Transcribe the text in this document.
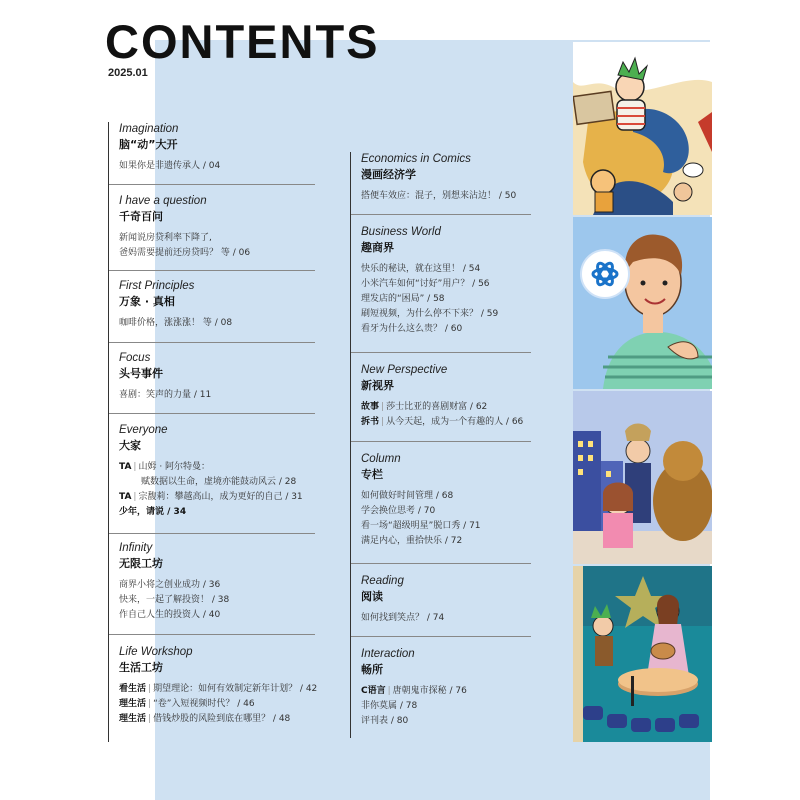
CONTENTS
2025.01
Imagination
脑“动”大开
如果你是非遗传承人 / 04
I have a question
千奇百问
新闻说房贷利率下降了,
爸妈需要提前还房贷吗？ 等 / 06
First Principles
万象 · 真相
咖啡价格，涨涨涨！ 等 / 08
Focus
头号事件
喜剧：笑声的力量 / 11
Everyone
大家
TA | 山姆 · 阿尔特曼：
赋数据以生命，虚境亦能鼓动风云 / 28
TA | 宗馥莉：攀越高山，成为更好的自己 / 31
少年，请说 / 34
Infinity
无限工坊
商界小将之创业成功 / 36
快来，一起了解投资！ / 38
作自己人生的投资人 / 40
Life Workshop
生活工坊
看生活 | 期望理论：如何有效制定新年计划？ / 42
理生活 | “卷”入短视频时代？ / 46
理生活 | 借钱炒股的风险到底在哪里？ / 48
Economics in Comics
漫画经济学
搭便车效应：混子，别想来沾边！ / 50
Business World
趣商界
快乐的秘诀，就在这里！ / 54
小米汽车如何“讨好”用户？ / 56
理发店的“困局” / 58
刷短视频，为什么停不下来？ / 59
看牙为什么这么贵？ / 60
New Perspective
新视界
故事 | 莎士比亚的喜剧财富 / 62
拆书 | 从今天起，成为一个有趣的人 / 66
Column
专栏
如何做好时间管理 / 68
学会换位思考 / 70
看一场“超级明星”脱口秀 / 71
满足内心，重拾快乐 / 72
Reading
阅读
如何找到笑点？ / 74
Interaction
畅所
C语言 | 唐朝鬼市探秘 / 76
非你莫属 / 78
评刊表 / 80
